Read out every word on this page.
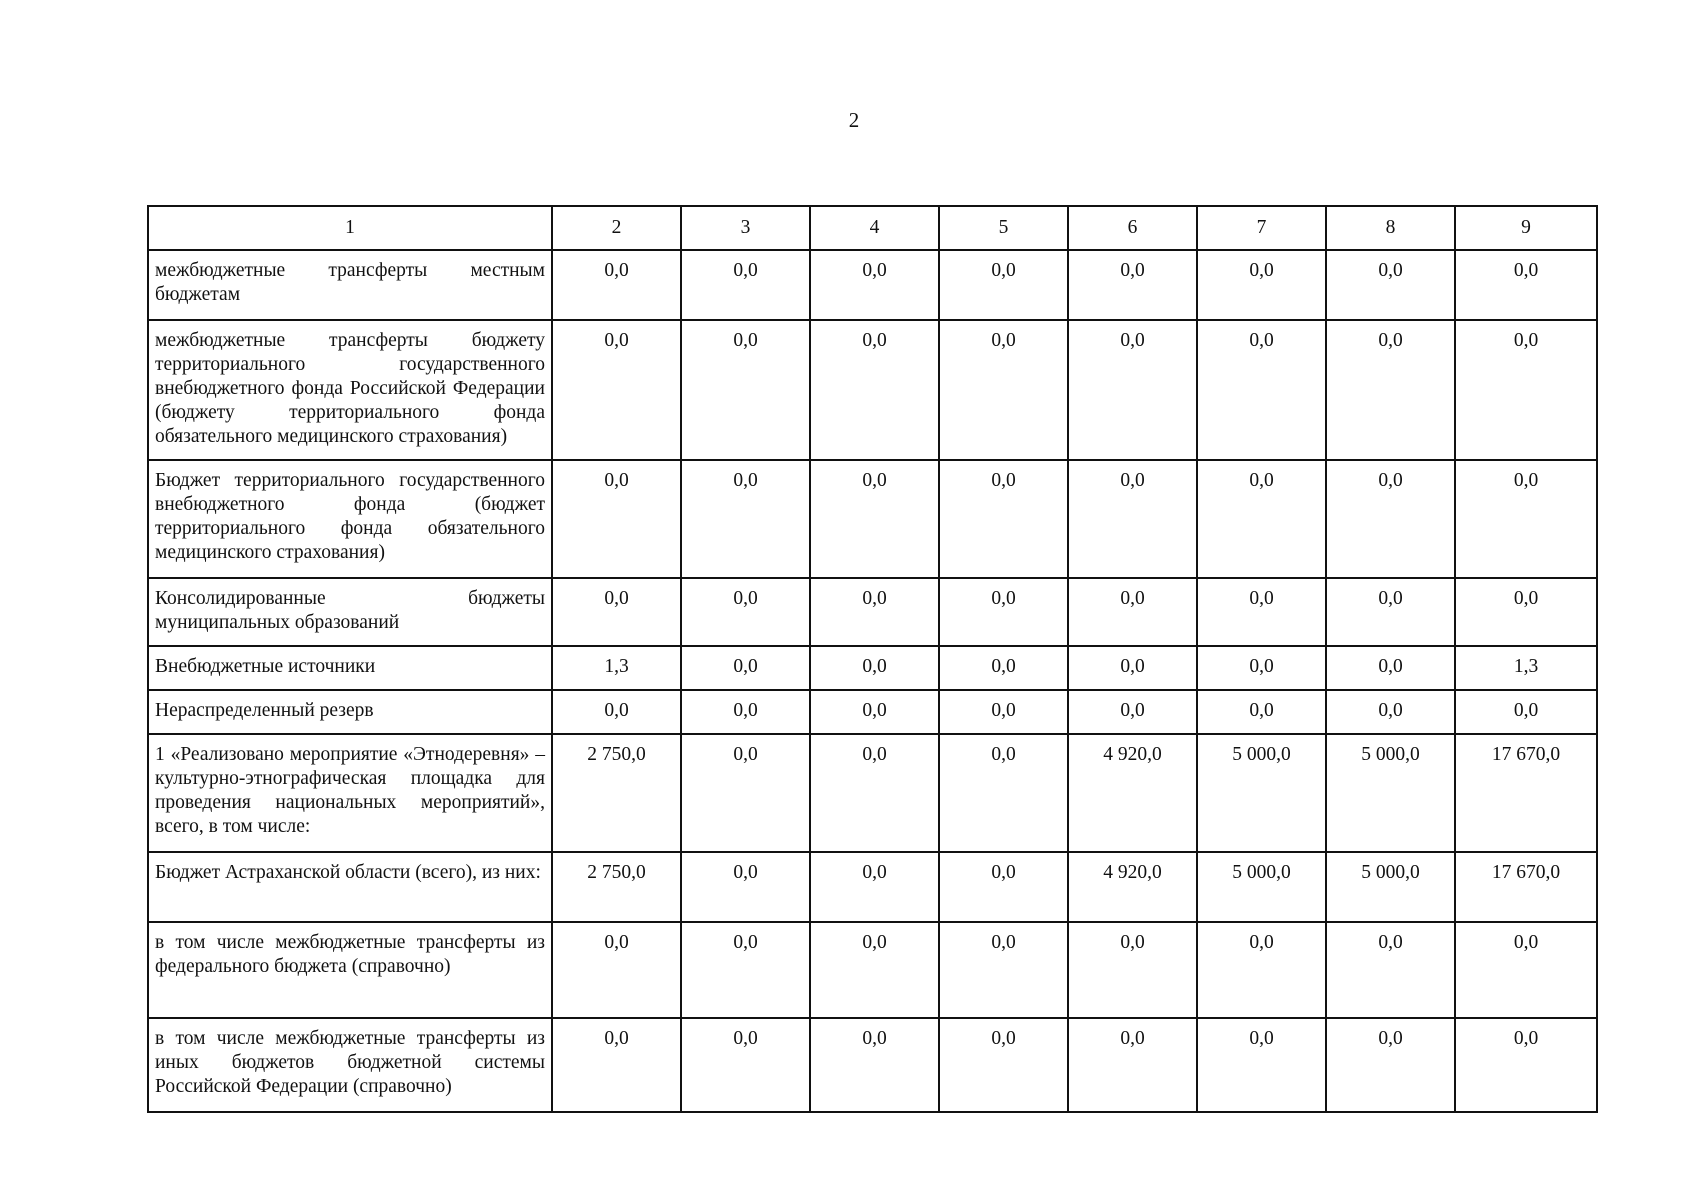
2
1	2	3	4	5	6	7	8	9
межбюджетные трансферты местным бюджетам	0,0	0,0	0,0	0,0	0,0	0,0	0,0	0,0
межбюджетные трансферты бюджету территориального государственного внебюджетного фонда Российской Федерации (бюджету территориального фонда обязательного медицинского страхования)	0,0	0,0	0,0	0,0	0,0	0,0	0,0	0,0
Бюджет территориального государственного внебюджетного фонда (бюджет территориального фонда обязательного медицинского страхования)	0,0	0,0	0,0	0,0	0,0	0,0	0,0	0,0
Консолидированные бюджеты муниципальных образований	0,0	0,0	0,0	0,0	0,0	0,0	0,0	0,0
Внебюджетные источники	1,3	0,0	0,0	0,0	0,0	0,0	0,0	1,3
Нераспределенный резерв	0,0	0,0	0,0	0,0	0,0	0,0	0,0	0,0
1 «Реализовано мероприятие «Этнодеревня» – культурно-этнографическая площадка для проведения национальных мероприятий», всего, в том числе:	2 750,0	0,0	0,0	0,0	4 920,0	5 000,0	5 000,0	17 670,0
Бюджет Астраханской области (всего), из них:	2 750,0	0,0	0,0	0,0	4 920,0	5 000,0	5 000,0	17 670,0
в том числе межбюджетные трансферты из федерального бюджета (справочно)	0,0	0,0	0,0	0,0	0,0	0,0	0,0	0,0
в том числе межбюджетные трансферты из иных бюджетов бюджетной системы Российской Федерации (справочно)	0,0	0,0	0,0	0,0	0,0	0,0	0,0	0,0
